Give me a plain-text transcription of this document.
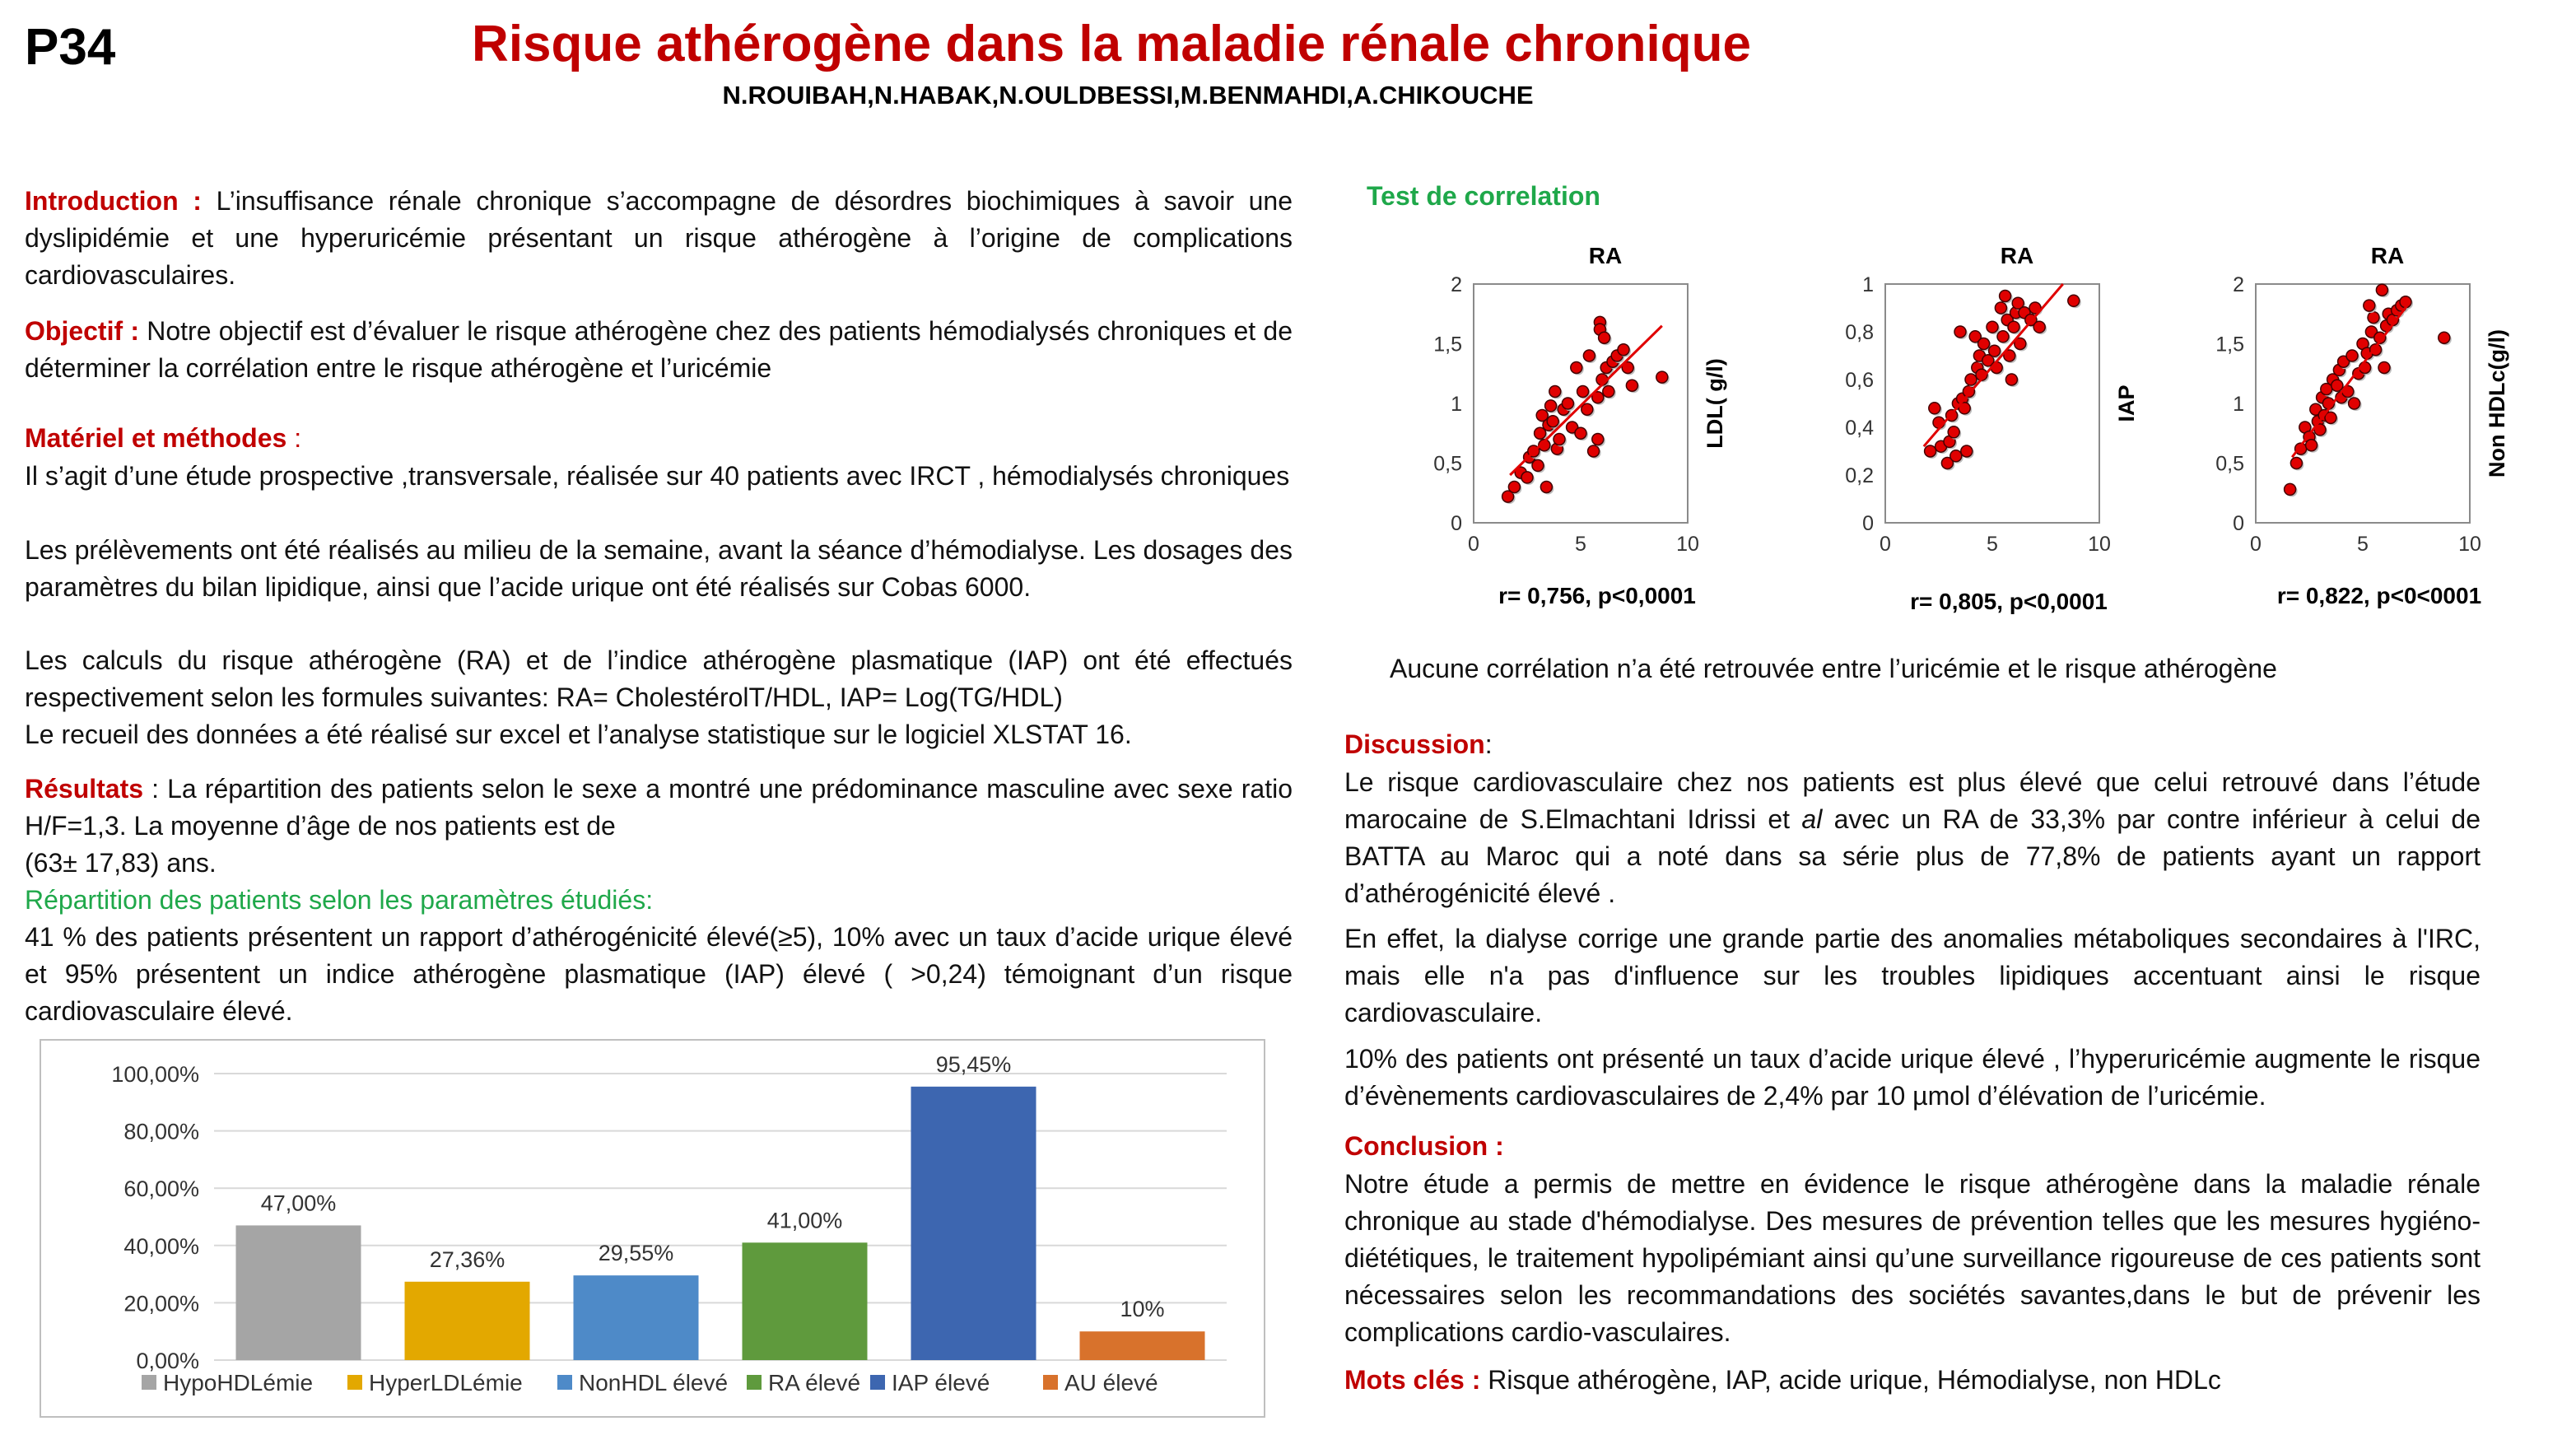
P34	Risque athérogène dans la maladie rénale chronique
N.ROUIBAH,N.HABAK,N.OULDBESSI,M.BENMAHDI,A.CHIKOUCHE

Introduction : L’insuffisance rénale chronique s’accompagne de désordres biochimiques à savoir une dyslipidémie et une hyperuricémie présentant un risque athérogène à l’origine de complications cardiovasculaires.

Objectif : Notre objectif est d’évaluer le risque athérogène chez des patients hémodialysés chroniques et de déterminer la corrélation entre le risque athérogène et l’uricémie

Matériel et méthodes :

Il s’agit d’une étude prospective ,transversale, réalisée sur 40 patients avec IRCT , hémodialysés chroniques

Les prélèvements ont été réalisés au milieu de la semaine, avant la séance d’hémodialyse. Les dosages des paramètres du bilan lipidique, ainsi que l’acide urique ont été réalisés sur Cobas 6000.

Les calculs du risque athérogène (RA) et de l’indice athérogène plasmatique (IAP) ont été effectués respectivement selon les formules suivantes: RA= CholestérolT/HDL, IAP= Log(TG/HDL)

Le recueil des données a été réalisé sur excel et l’analyse statistique sur le logiciel XLSTAT 16.

Résultats : La répartition des patients selon le sexe a montré une prédominance masculine avec sexe ratio H/F=1,3. La moyenne d’âge de nos patients est de

(63± 17,83) ans.

Répartition des patients selon les paramètres étudiés:

41 % des patients présentent un rapport d’athérogénicité élevé(≥5), 10% avec un taux d’acide urique élevé et 95% présentent un indice athérogène plasmatique (IAP) élevé ( >0,24) témoignant d’un risque cardiovasculaire élevé.

0,00%
20,00%
40,00%
60,00%
80,00%
100,00%
47,00%
27,36%	29,55%
41,00%
95,45%
10%
HypoHDLémie HyperLDLémie NonHDL élevé RA élevé IAP élevé	AU élevé
Test de correlation
RA
0
0,5
1
1,5
2
0	5	10
LDL( g/l)
r= 0,756, p<0,0001
RA
0
0,2
0,4
0,6
0,8
1
0	5	10
IAP
r= 0,805, p<0,0001
RA
0
0,5
1
1,5
2
0	5	10
Non HDLc(g/l)
r= 0,822, p<0<0001
Aucune corrélation n’a été retrouvée entre l’uricémie et le risque athérogène

Discussion:

Le risque cardiovasculaire chez nos patients est plus élevé que celui retrouvé dans l’étude marocaine de S.Elmachtani Idrissi et al avec un RA de 33,3% par contre inférieur à celui de BATTA au Maroc qui a noté dans sa série plus de 77,8% de patients ayant un rapport d’athérogénicité élevé .

En effet, la dialyse corrige une grande partie des anomalies métaboliques secondaires à l'IRC, mais elle n'a pas d'influence sur les troubles lipidiques accentuant ainsi le risque cardiovasculaire.

10% des patients ont présenté un taux d’acide urique élevé , l’hyperuricémie augmente le risque d’évènements cardiovasculaires de 2,4% par 10 µmol d’élévation de l’uricémie.

Conclusion :

Notre étude a permis de mettre en évidence le risque athérogène dans la maladie rénale chronique au stade d'hémodialyse. Des mesures de prévention telles que les mesures hygiéno-diététiques, le traitement hypolipémiant ainsi qu’une surveillance rigoureuse de ces patients sont nécessaires selon les recommandations des sociétés savantes,dans le but de prévenir les complications cardio-vasculaires.

Mots clés : Risque athérogène, IAP, acide urique, Hémodialyse, non HDLc
